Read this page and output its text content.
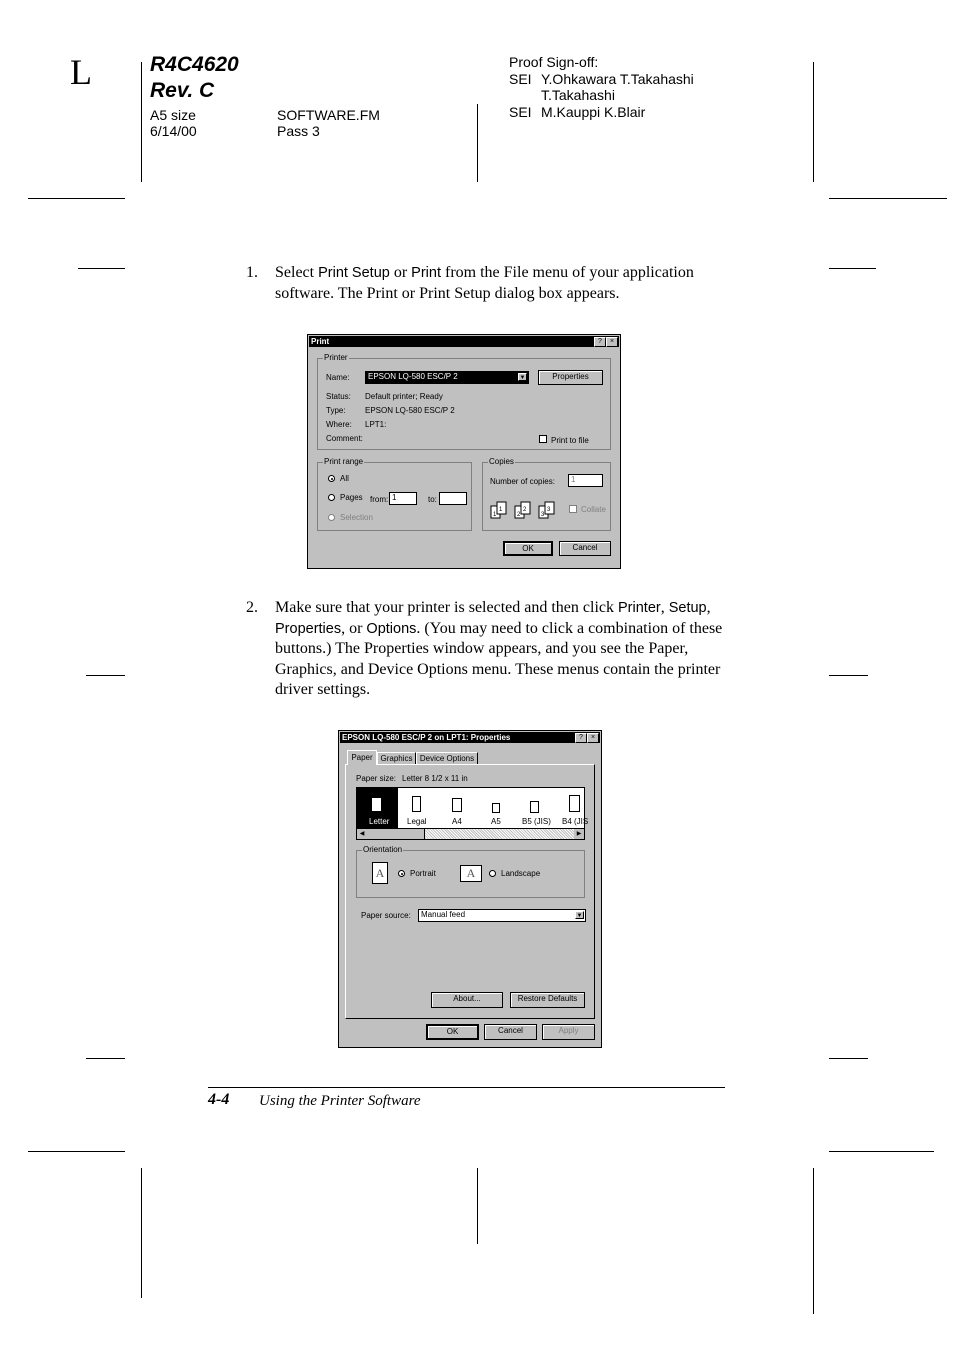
L	R4C4620
Rev. C
A5 size
6/14/00
SOFTWARE.FM
Pass 3
Proof Sign-off:
SEI Y.Ohkawara T.Takahashi
T.Takahashi
SEI M.Kauppi K.Blair
1. Select Print Setup or Print from the File menu of your application software. The Print or Print Setup dialog box appears.
Print	?	×
Printer
Name:	EPSON LQ-580 ESC/P 2	▼	Properties
Status: Default printer; Ready
Type: EPSON LQ-580 ESC/P 2
Where: LPT1:
Comment:	Print to file
Print range
All
Pages from: 1	to:
Selection
Copies
Number of copies:	1
1
1
2
2
3
3	Collate
OK	Cancel
2. Make sure that your printer is selected and then click Printer, Setup, Properties, or Options. (You may need to click a combination of these buttons.) The Properties window appears, and you see the Paper, Graphics, and Device Options menu. These menus contain the printer driver settings.
EPSON LQ-580 ESC/P 2 on LPT1: Properties	?	×
Paper Graphics Device Options
Paper size: Letter 8 1/2 x 11 in
Letter Legal	A4	A5	B5 (JIS) B4 (JIS
◀	▶
Orientation
A	Portrait	A	Landscape
Paper source:	Manual feed	▼
About...	Restore Defaults
OK	Cancel	Apply
4-4 Using the Printer Software
